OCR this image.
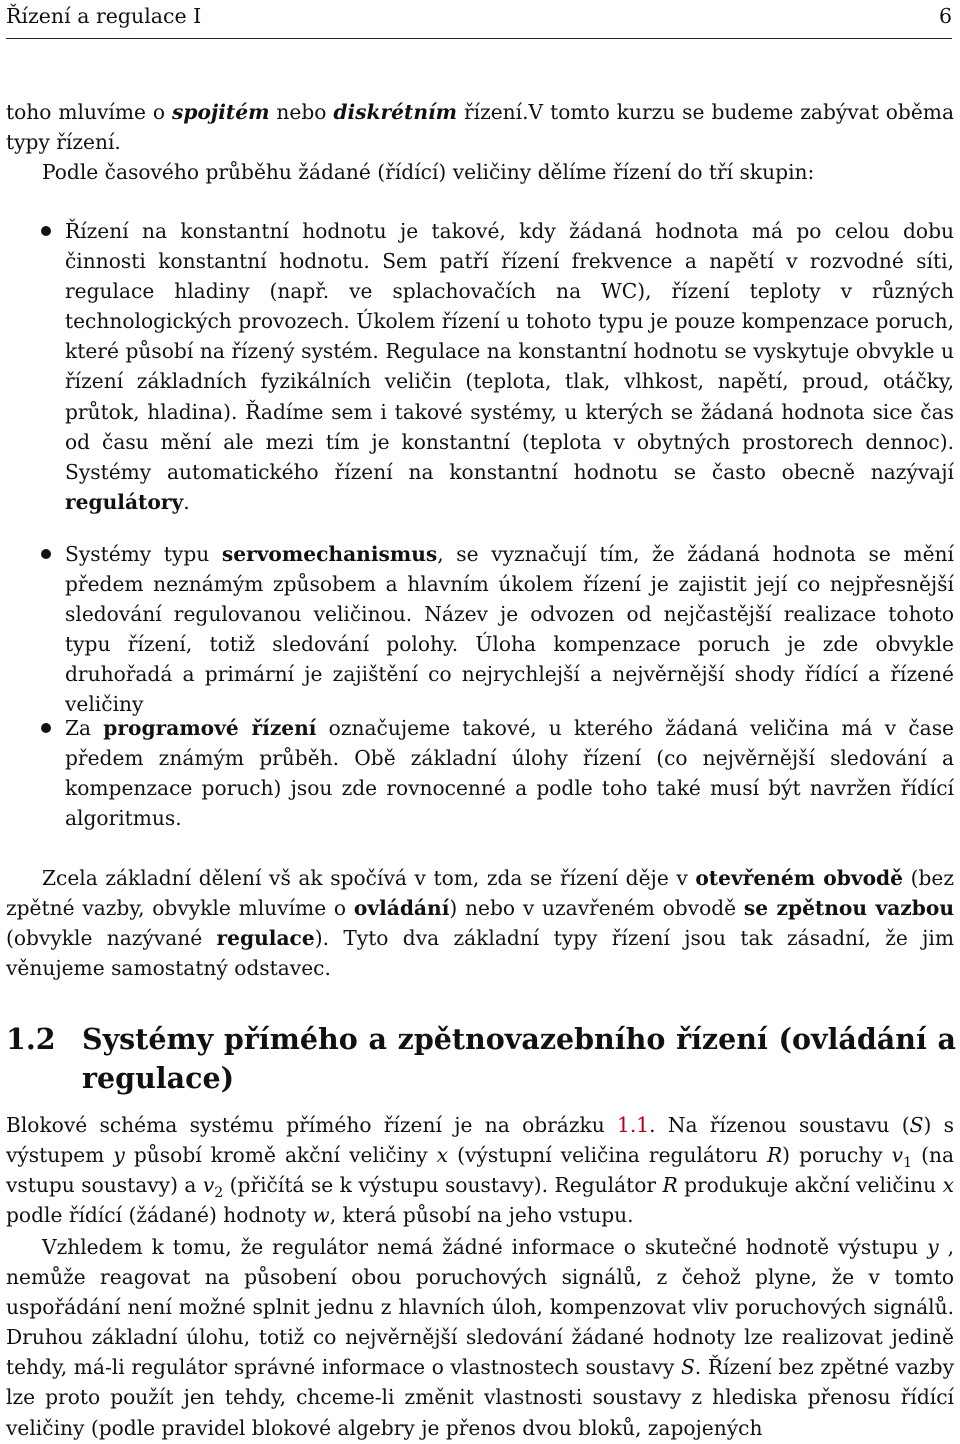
Řízení a regulace I	6
toho mluvíme o spojitém nebo diskrétním řízení.V tomto kurzu se budeme zabývat oběma typy řízení.
Podle časového průběhu žádané (řídící) veličiny dělíme řízení do tří skupin:
Řízení na konstantní hodnotu je takové, kdy žádaná hodnota má po celou dobu činnosti konstantní hodnotu. Sem patří řízení frekvence a napětí v rozvodné síti, regulace hladiny (např. ve splachovačích na WC), řízení teploty v různých technologických provozech. Úkolem řízení u tohoto typu je pouze kompenzace poruch, které působí na řízený systém. Regulace na konstantní hodnotu se vyskytuje obvykle u řízení základních fyzikálních veličin (teplota, tlak, vlhkost, napětí, proud, otáčky, průtok, hladina). Řadíme sem i takové systémy, u kterých se žádaná hodnota sice čas od času mění ale mezi tím je konstantní (teplota v obytných prostorech dennoc). Systémy automatického řízení na konstantní hodnotu se často obecně nazývají regulátory.
Systémy typu servomechanismus, se vyznačují tím, že žádaná hodnota se mění předem neznámým způsobem a hlavním úkolem řízení je zajistit její co nejpřesnější sledování regulovanou veličinou. Název je odvozen od nejčastější realizace tohoto typu řízení, totiž sledování polohy. Úloha kompenzace poruch je zde obvykle druhořadá a primární je zajištění co nejrychlejší a nejvěrnější shody řídící a řízené veličiny
Za programové řízení označujeme takové, u kterého žádaná veličina má v čase předem známým průběh. Obě základní úlohy řízení (co nejvěrnější sledování a kompenzace poruch) jsou zde rovnocenné a podle toho také musí být navržen řídící algoritmus.
Zcela základní dělení vš ak spočívá v tom, zda se řízení děje v otevřeném obvodě (bez zpětné vazby, obvykle mluvíme o ovládání) nebo v uzavřeném obvodě se zpětnou vazbou (obvykle nazývané regulace). Tyto dva základní typy řízení jsou tak zásadní, že jim věnujeme samostatný odstavec.
1.2 Systémy přímého a zpětnovazebního řízení (ovládání a regulace)
Blokové schéma systému přímého řízení je na obrázku 1.1. Na řízenou soustavu (S) s výstupem y působí kromě akční veličiny x (výstupní veličina regulátoru R) poruchy $v_1$ (na vstupu soustavy) a $v_2$ (přičítá se k výstupu soustavy). Regulátor R produkuje akční veličinu x podle řídící (žádané) hodnoty w, která působí na jeho vstupu.
Vzhledem k tomu, že regulátor nemá žádné informace o skutečné hodnotě výstupu y , nemůže reagovat na působení obou poruchových signálů, z čehož plyne, že v tomto uspořádání není možné splnit jednu z hlavních úloh, kompenzovat vliv poruchových signálů. Druhou základní úlohu, totiž co nejvěrnější sledování žádané hodnoty lze realizovat jedině tehdy, má-li regulátor správné informace o vlastnostech soustavy S. Řízení bez zpětné vazby lze proto použít jen tehdy, chceme-li změnit vlastnosti soustavy z hlediska přenosu řídící veličiny (podle pravidel blokové algebry je přenos dvou bloků, zapojených
